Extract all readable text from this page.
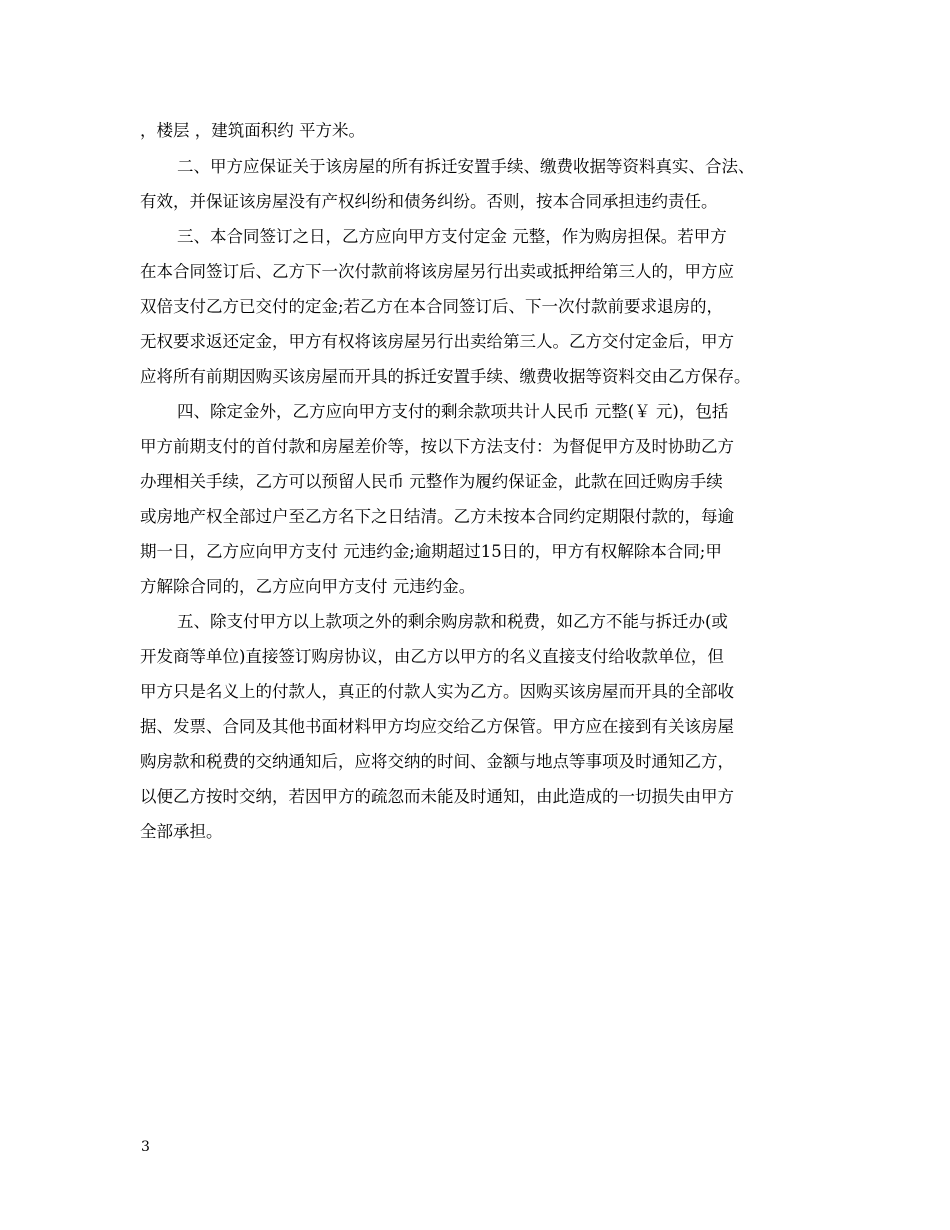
，楼层 ，建筑面积约 平方米。
二、甲方应保证关于该房屋的所有拆迁安置手续、缴费收据等资料真实、合法、
有效，并保证该房屋没有产权纠纷和债务纠纷。否则，按本合同承担违约责任。
三、本合同签订之日，乙方应向甲方支付定金 元整，作为购房担保。若甲方
在本合同签订后、乙方下一次付款前将该房屋另行出卖或抵押给第三人的，甲方应
双倍支付乙方已交付的定金;若乙方在本合同签订后、下一次付款前要求退房的，
无权要求返还定金，甲方有权将该房屋另行出卖给第三人。乙方交付定金后，甲方
应将所有前期因购买该房屋而开具的拆迁安置手续、缴费收据等资料交由乙方保存。
四、除定金外，乙方应向甲方支付的剩余款项共计人民币 元整(￥ 元)，包括
甲方前期支付的首付款和房屋差价等，按以下方法支付：为督促甲方及时协助乙方
办理相关手续，乙方可以预留人民币 元整作为履约保证金，此款在回迁购房手续
或房地产权全部过户至乙方名下之日结清。乙方未按本合同约定期限付款的，每逾
期一日，乙方应向甲方支付 元违约金;逾期超过15日的，甲方有权解除本合同;甲
方解除合同的，乙方应向甲方支付 元违约金。
五、除支付甲方以上款项之外的剩余购房款和税费，如乙方不能与拆迁办(或
开发商等单位)直接签订购房协议，由乙方以甲方的名义直接支付给收款单位，但
甲方只是名义上的付款人，真正的付款人实为乙方。因购买该房屋而开具的全部收
据、发票、合同及其他书面材料甲方均应交给乙方保管。甲方应在接到有关该房屋
购房款和税费的交纳通知后，应将交纳的时间、金额与地点等事项及时通知乙方，
以便乙方按时交纳，若因甲方的疏忽而未能及时通知，由此造成的一切损失由甲方
全部承担。
3
